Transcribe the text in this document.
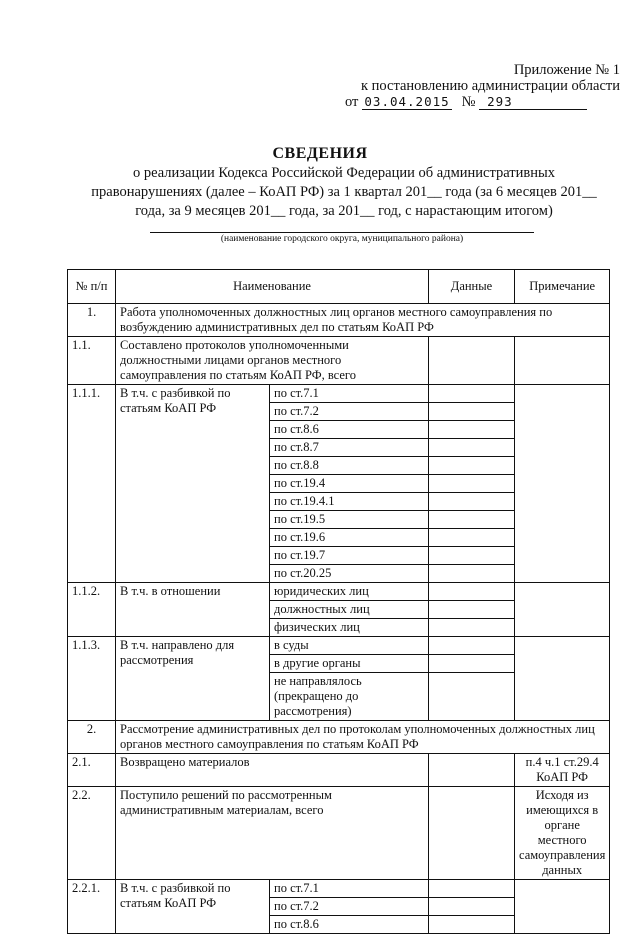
Приложение № 1
к постановлению администрации области
от 03.04.2015 № 293
СВЕДЕНИЯ
о реализации Кодекса Российской Федерации об административных правонарушениях (далее – КоАП РФ) за 1 квартал 201__ года (за 6 месяцев 201__ года, за 9 месяцев 201__ года, за 201__ год, с нарастающим итогом)
(наименование городского округа, муниципального района)
№ п/п	Наименование		Данные	Примечание
1.	Работа уполномоченных должностных лиц органов местного самоуправления по возбуждению административных дел по статьям КоАП РФ			
1.1.	Составлено протоколов уполномоченными должностными лицами органов местного самоуправления по статьям КоАП РФ, всего			
1.1.1.	В т.ч. с разбивкой по статьям КоАП РФ	по ст.7.1		
		по ст.7.2		
		по ст.8.6		
		по ст.8.7		
		по ст.8.8		
		по ст.19.4		
		по ст.19.4.1		
		по ст.19.5		
		по ст.19.6		
		по ст.19.7		
		по ст.20.25		
1.1.2.	В т.ч. в отношении	юридических лиц		
		должностных лиц		
		физических лиц		
1.1.3.	В т.ч. направлено для рассмотрения	в суды		
		в другие органы		
		не направлялось (прекращено до рассмотрения)		
2.	Рассмотрение административных дел по протоколам уполномоченных должностных лиц органов местного самоуправления по статьям КоАП РФ			
2.1.	Возвращено материалов			п.4 ч.1 ст.29.4 КоАП РФ
2.2.	Поступило решений по рассмотренным административным материалам, всего			Исходя из имеющихся в органе местного самоуправления данных
2.2.1.	В т.ч. с разбивкой по статьям КоАП РФ	по ст.7.1		
		по ст.7.2		
		по ст.8.6		
